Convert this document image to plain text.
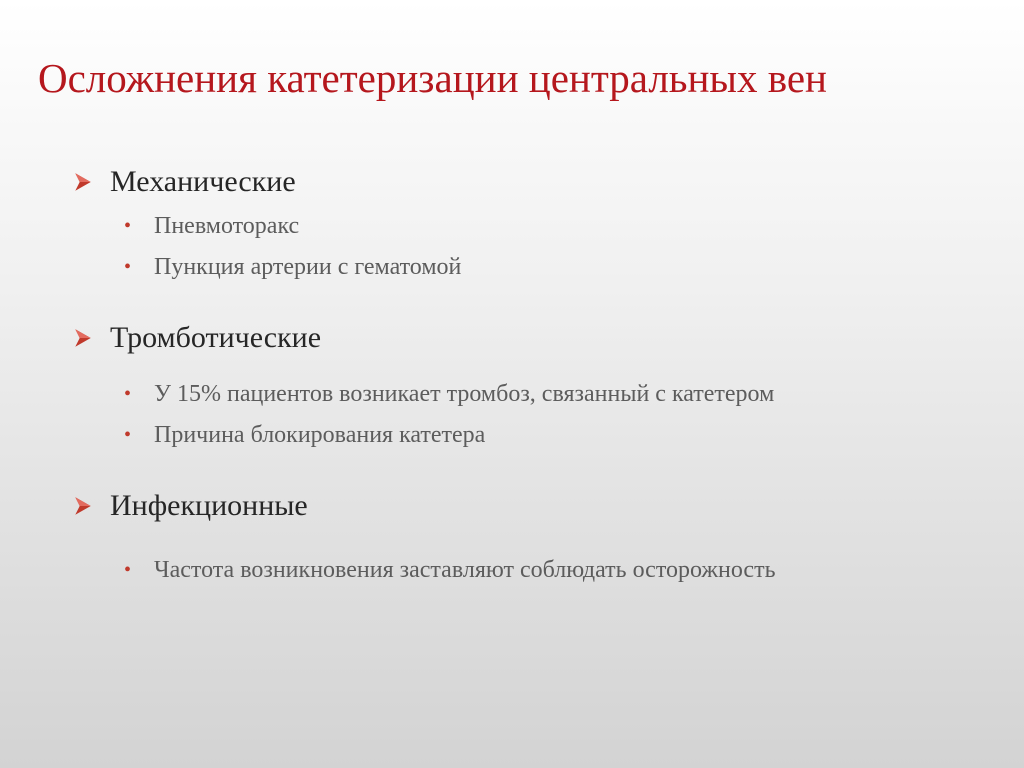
Осложнения катетеризации центральных вен
Механические
• Пневмоторакс
• Пункция артерии с гематомой
Тромботические
• У 15% пациентов возникает тромбоз, связанный с катетером
• Причина блокирования катетера
Инфекционные
• Частота возникновения заставляют соблюдать осторожность
